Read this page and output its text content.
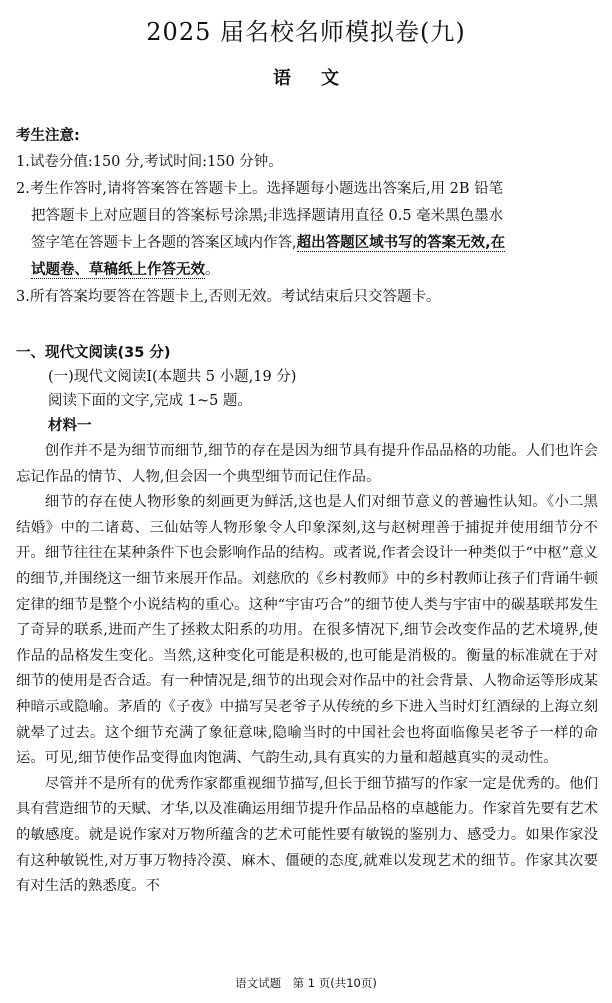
2025 届名校名师模拟卷(九)
语文
考生注意:
1.试卷分值:150 分,考试时间:150 分钟。
2.考生作答时,请将答案答在答题卡上。选择题每小题选出答案后,用 2B 铅笔
把答题卡上对应题目的答案标号涂黑;非选择题请用直径 0.5 毫米黑色墨水
签字笔在答题卡上各题的答案区域内作答,超出答题区域书写的答案无效,在
试题卷、草稿纸上作答无效。
3.所有答案均要答在答题卡上,否则无效。考试结束后只交答题卡。
一、现代文阅读(35 分)
(一)现代文阅读Ⅰ(本题共 5 小题,19 分)
阅读下面的文字,完成 1~5 题。
材料一

创作并不是为细节而细节,细节的存在是因为细节具有提升作品品格的功能。人们也许会忘记作品的情节、人物,但会因一个典型细节而记住作品。

细节的存在使人物形象的刻画更为鲜活,这也是人们对细节意义的普遍性认知。《小二黑结婚》中的二诸葛、三仙姑等人物形象令人印象深刻,这与赵树理善于捕捉并使用细节分不开。细节往往在某种条件下也会影响作品的结构。或者说,作者会设计一种类似于“中枢”意义的细节,并围绕这一细节来展开作品。刘慈欣的《乡村教师》中的乡村教师让孩子们背诵牛顿定律的细节是整个小说结构的重心。这种“宇宙巧合”的细节使人类与宇宙中的碳基联邦发生了奇异的联系,进而产生了拯救太阳系的功用。在很多情况下,细节会改变作品的艺术境界,使作品的品格发生变化。当然,这种变化可能是积极的,也可能是消极的。衡量的标准就在于对细节的使用是否合适。有一种情况是,细节的出现会对作品中的社会背景、人物命运等形成某种暗示或隐喻。茅盾的《子夜》中描写吴老爷子从传统的乡下进入当时灯红酒绿的上海立刻就晕了过去。这个细节充满了象征意味,隐喻当时的中国社会也将面临像吴老爷子一样的命运。可见,细节使作品变得血肉饱满、气韵生动,具有真实的力量和超越真实的灵动性。

尽管并不是所有的优秀作家都重视细节描写,但长于细节描写的作家一定是优秀的。他们具有营造细节的天赋、才华,以及准确运用细节提升作品品格的卓越能力。作家首先要有艺术的敏感度。就是说作家对万物所蕴含的艺术可能性要有敏锐的鉴别力、感受力。如果作家没有这种敏锐性,对万事万物持冷漠、麻木、僵硬的态度,就难以发现艺术的细节。作家其次要有对生活的熟悉度。不

语文试题　第 1 页(共10页)
